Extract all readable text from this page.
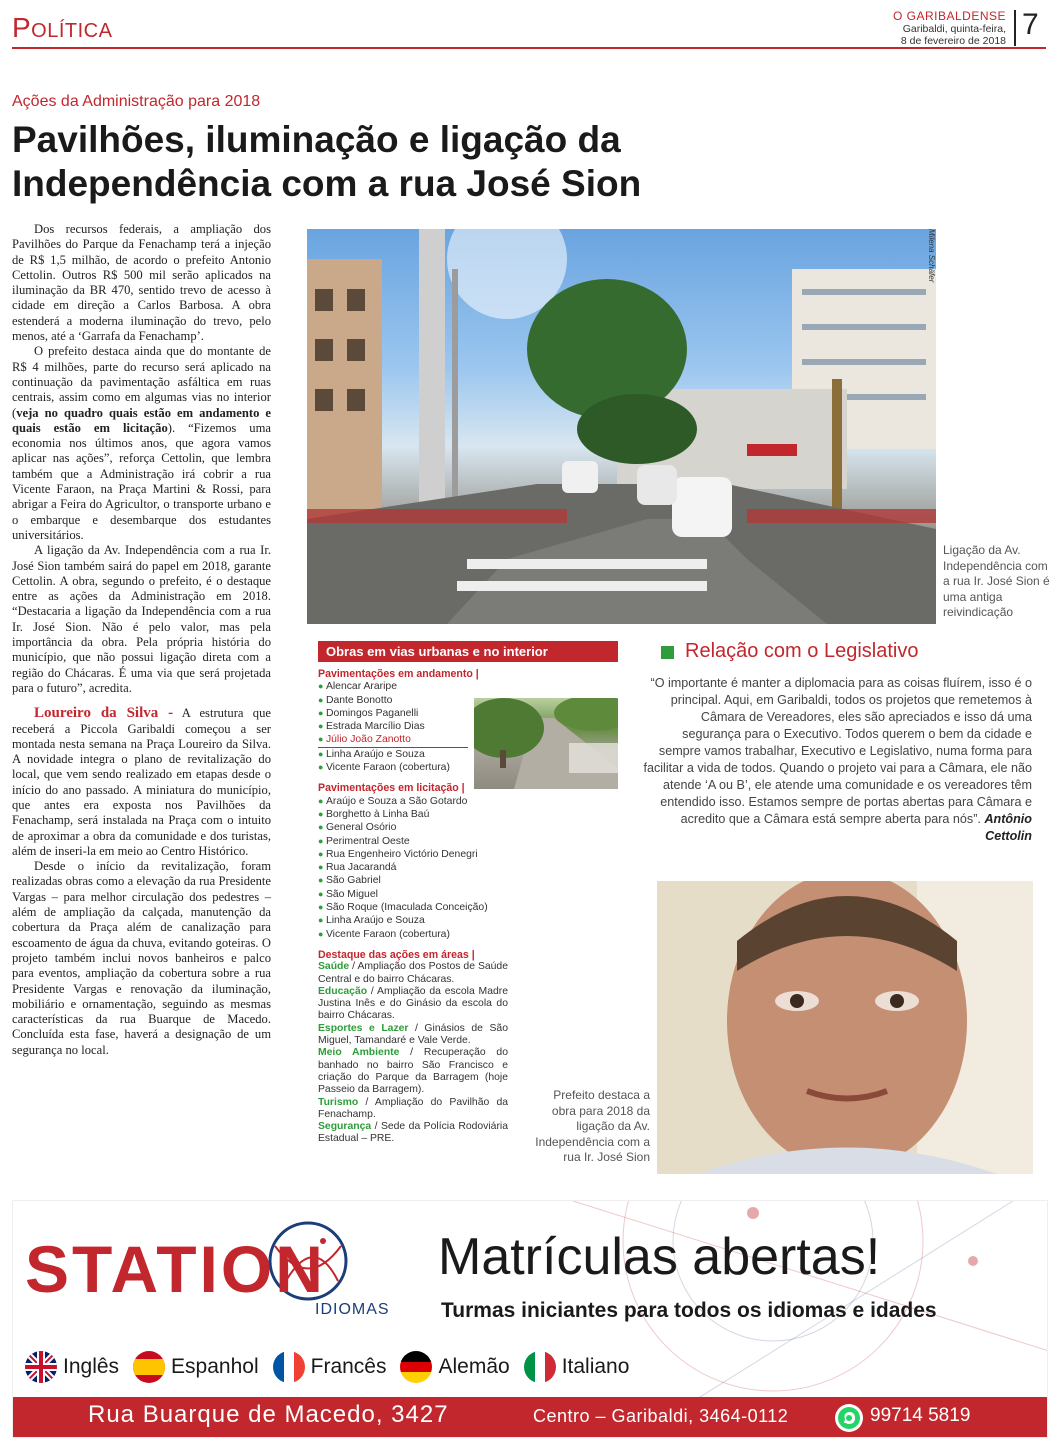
Política	O GARIBALDENSE
Garibaldi, quinta-feira,
8 de fevereiro de 2018 7
Ações da Administração para 2018
Pavilhões, iluminação e ligação da Independência com a rua José Sion

Dos recursos federais, a ampliação dos Pavilhões do Parque da Fenachamp terá a injeção de R$ 1,5 milhão, de acordo o prefeito Antonio Cettolin. Outros R$ 500 mil serão aplicados na iluminação da BR 470, sentido trevo de acesso à cidade em direção a Carlos Barbosa. A obra estenderá a moderna iluminação do trevo, pelo menos, até a ‘Garrafa da Fenachamp’.

O prefeito destaca ainda que do montante de R$ 4 milhões, parte do recurso será aplicado na continuação da pavimentação asfáltica em ruas centrais, assim como em algumas vias no interior (veja no quadro quais estão em andamento e quais estão em licitação). “Fizemos uma economia nos últimos anos, que agora vamos aplicar nas ações”, reforça Cettolin, que lembra também que a Administração irá cobrir a rua Vicente Faraon, na Praça Martini & Rossi, para abrigar a Feira do Agricultor, o transporte urbano e o embarque e desembarque dos estudantes universitários.

A ligação da Av. Independência com a rua Ir. José Sion também sairá do papel em 2018, garante Cettolin. A obra, segundo o prefeito, é o destaque entre as ações da Administração em 2018. “Destacaria a ligação da Independência com a rua Ir. José Sion. Não é pelo valor, mas pela importância da obra. Pela própria história do município, que não possui ligação direta com a região do Chácaras. É uma via que será projetada para o futuro”, acredita.

Loureiro da Silva - A estrutura que receberá a Piccola Garibaldi começou a ser montada nesta semana na Praça Loureiro da Silva. A novidade integra o plano de revitalização do local, que vem sendo realizado em etapas desde o início do ano passado. A miniatura do município, que antes era exposta nos Pavilhões da Fenachamp, será instalada na Praça com o intuito de aproximar a obra da comunidade e dos turistas, além de inseri-la em meio ao Centro Histórico.

Desde o início da revitalização, foram realizadas obras como a elevação da rua Presidente Vargas – para melhor circulação dos pedestres – além de ampliação da calçada, manutenção da cobertura da Praça além de canalização para escoamento de água da chuva, evitando goteiras. O projeto também inclui novos banheiros e palco para eventos, ampliação da cobertura sobre a rua Presidente Vargas e renovação da iluminação, mobiliário e ornamentação, seguindo as mesmas características da rua Buarque de Macedo. Concluída esta fase, haverá a designação de um segurança no local.

Milena Schäfer
Ligação da Av. Independência com a rua Ir. José Sion é uma antiga reivindicação
Obras em vias urbanas e no interior
Pavimentações em andamento |
● Alencar Araripe
● Dante Bonotto
● Domingos Paganelli
● Estrada Marcílio Dias
● Júlio João Zanotto
● Linha Araújo e Souza
● Vicente Faraon (cobertura)
Pavimentações em licitação |
● Araújo e Souza a São Gotardo
● Borghetto à Linha Baú
● General Osório
● Perimentral Oeste
● Rua Engenheiro Victório Denegri
● Rua Jacarandá
● São Gabriel
● São Miguel
● São Roque (Imaculada Conceição)
● Linha Araújo e Souza
● Vicente Faraon (cobertura)
Destaque das ações em áreas |
Saúde / Ampliação dos Postos de Saúde Central e do bairro Chácaras.
Educação / Ampliação da escola Madre Justina Inês e do Ginásio da escola do bairro Chácaras.
Esportes e Lazer / Ginásios de São Miguel, Tamandaré e Vale Verde.
Meio Ambiente / Recuperação do banhado no bairro São Francisco e criação do Parque da Barragem (hoje Passeio da Barragem).
Turismo / Ampliação do Pavilhão da Fenachamp.
Segurança / Sede da Polícia Rodoviária Estadual – PRE.
Relação com o Legislativo
“O importante é manter a diplomacia para as coisas fluírem, isso é o principal. Aqui, em Garibaldi, todos os projetos que remetemos à Câmara de Vereadores, eles são apreciados e isso dá uma segurança para o Executivo. Todos querem o bem da cidade e sempre vamos trabalhar, Executivo e Legislativo, numa forma para facilitar a vida de todos. Quando o projeto vai para a Câmara, ele não atende ‘A ou B’, ele atende uma comunidade e os vereadores têm entendido isso. Estamos sempre de portas abertas para Câmara e acredito que a Câmara está sempre aberta para nós”. Antônio Cettolin
Prefeito destaca a obra para 2018 da ligação da Av. Independência com a rua Ir. José Sion
STATION
IDIOMAS
Matrículas abertas!
Turmas iniciantes para todos os idiomas e idades
Inglês Espanhol Francês Alemão Italiano
Rua Buarque de Macedo, 3427	Centro – Garibaldi, 3464-0112	99714 5819
